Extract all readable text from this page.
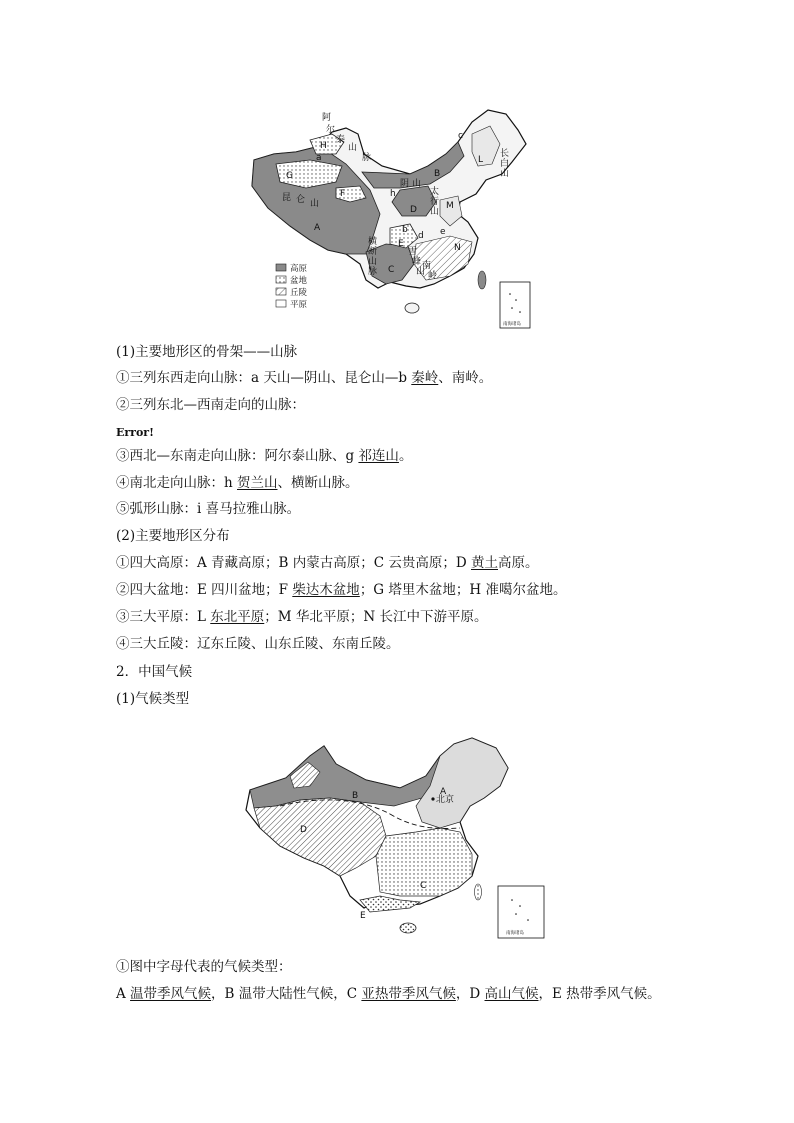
阿
尔
泰
山
脉
H
G
a
昆 仑 山
F
A
B
阴 山
h
D
太
行
山
M
L
c
长
白
山
b
d e
E	N
横
断
山
脉 C
雪
峰
山
南
岭
高原
盆地
丘陵
平原
南海诸岛
(1)主要地形区的骨架——山脉
①三列东西走向山脉：a 天山—阴山、昆仑山—b 秦岭、南岭。
②三列东北—西南走向的山脉：
Error!
③西北—东南走向山脉：阿尔泰山脉、g 祁连山。
④南北走向山脉：h 贺兰山、横断山脉。
⑤弧形山脉：i 喜马拉雅山脉。
(2)主要地形区分布
①四大高原：A 青藏高原；B 内蒙古高原；C 云贵高原；D 黄土高原。
②四大盆地：E 四川盆地；F 柴达木盆地；G 塔里木盆地；H 准噶尔盆地。
③三大平原：L 东北平原；M 华北平原；N 长江中下游平原。
④三大丘陵：辽东丘陵、山东丘陵、东南丘陵。
2．中国气候
(1)气候类型
B	A
北京
D
C
E
南海诸岛
①图中字母代表的气候类型：
A 温带季风气候，B 温带大陆性气候，C 亚热带季风气候，D 高山气候，E 热带季风气候。
